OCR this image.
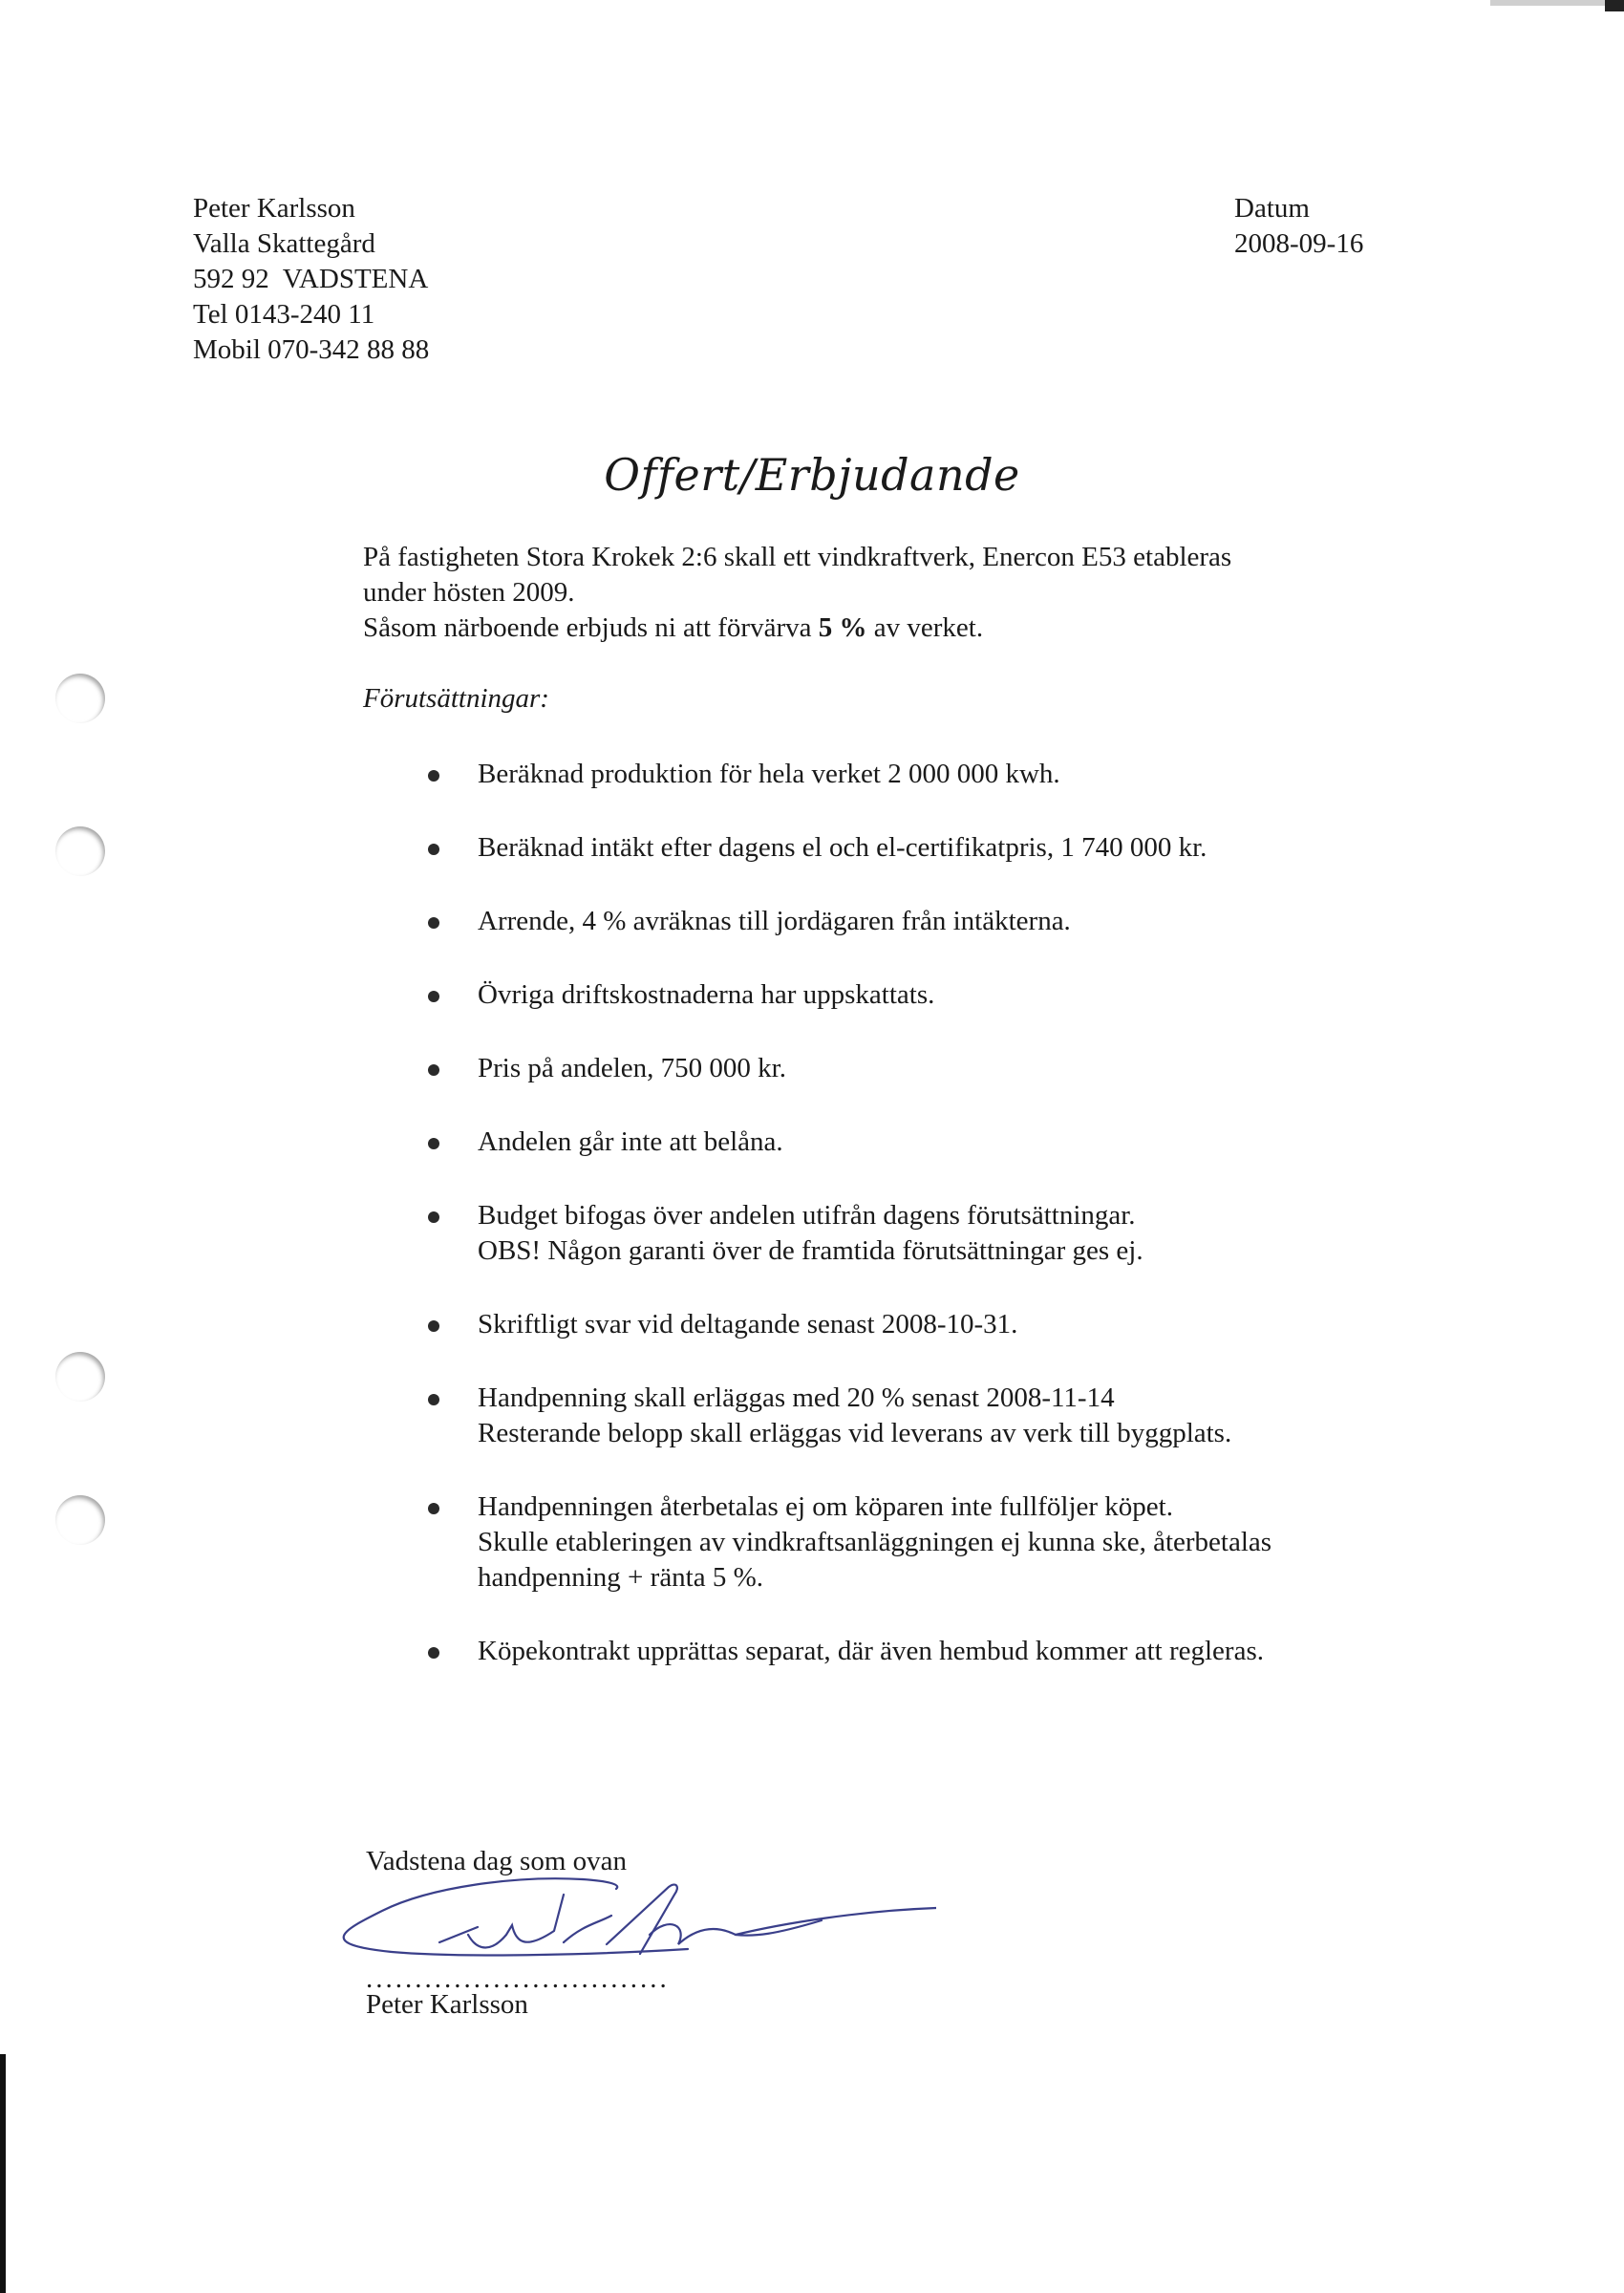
Peter Karlsson
Valla Skattegård
592 92  VADSTENA
Tel 0143-240 11
Mobil 070-342 88 88
Datum
2008-09-16
Offert/Erbjudande
På fastigheten Stora Krokek 2:6 skall ett vindkraftverk, Enercon E53 etableras
under hösten 2009.
Såsom närboende erbjuds ni att förvärva 5 % av verket.
Förutsättningar:
Beräknad produktion för hela verket 2 000 000 kwh.
Beräknad intäkt efter dagens el och el-certifikatpris, 1 740 000 kr.
Arrende, 4 % avräknas till jordägaren från intäkterna.
Övriga driftskostnaderna har uppskattats.
Pris på andelen, 750 000 kr.
Andelen går inte att belåna.
Budget bifogas över andelen utifrån dagens förutsättningar.
OBS! Någon garanti över de framtida förutsättningar ges ej.
Skriftligt svar vid deltagande senast 2008-10-31.
Handpenning skall erläggas med 20 % senast 2008-11-14
Resterande belopp skall erläggas vid leverans av verk till byggplats.
Handpenningen återbetalas ej om köparen inte fullföljer köpet.
Skulle etableringen av vindkraftsanläggningen ej kunna ske, återbetalas
handpenning + ränta 5 %.
Köpekontrakt upprättas separat, där även hembud kommer att regleras.
Vadstena dag som ovan
...............................
Peter Karlsson
